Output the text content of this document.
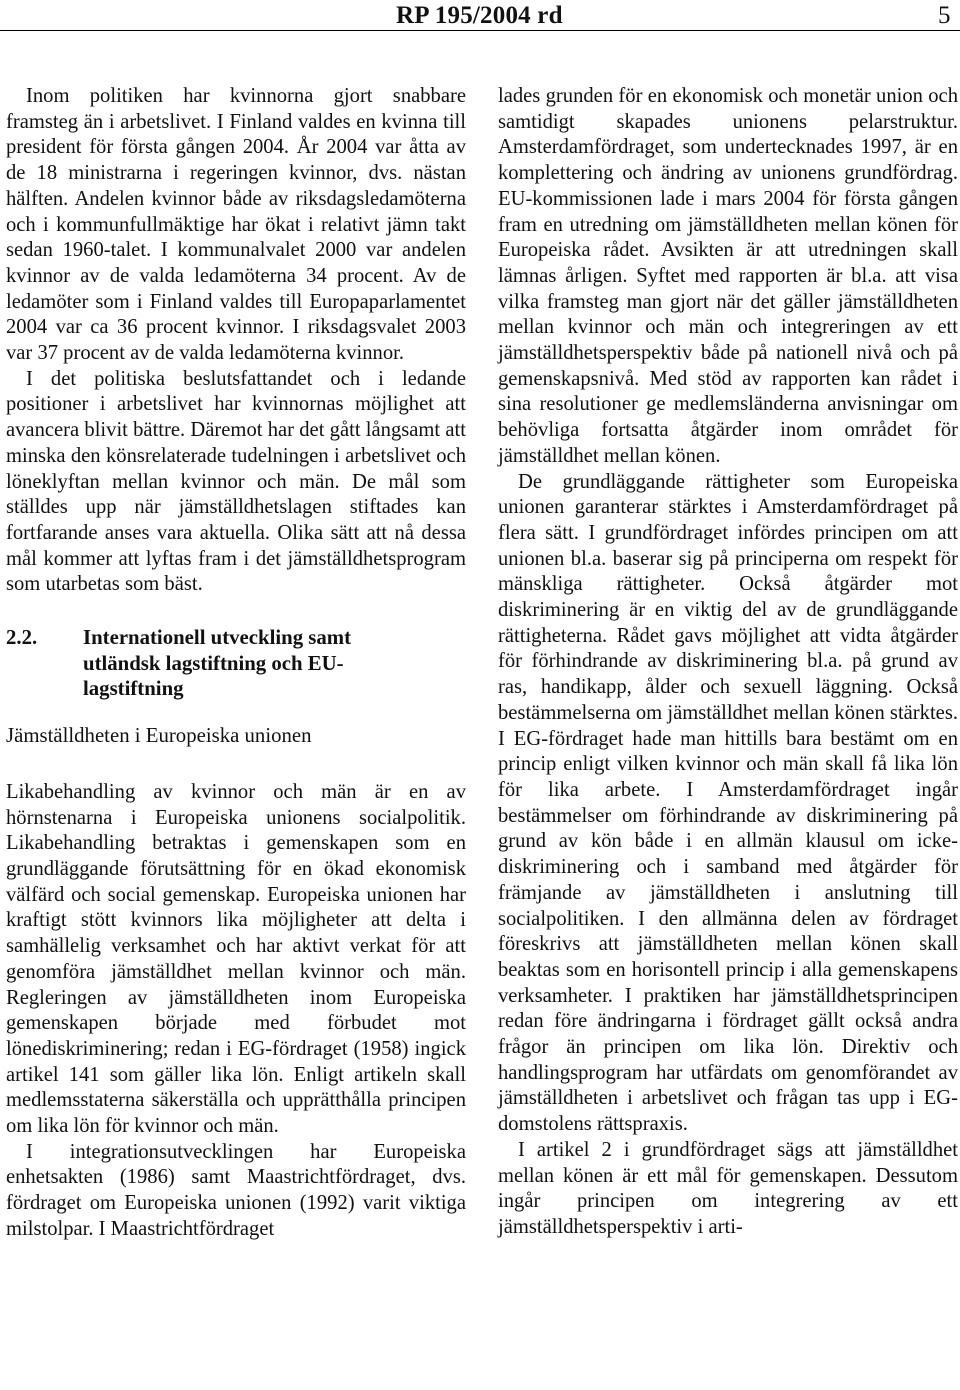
RP 195/2004 rd	5

Inom politiken har kvinnorna gjort snabbare framsteg än i arbetslivet. I Finland valdes en kvinna till president för första gången 2004. År 2004 var åtta av de 18 ministrarna i regeringen kvinnor, dvs. nästan hälften. Andelen kvinnor både av riksdagsledamöterna och i kommunfullmäktige har ökat i relativt jämn takt sedan 1960-talet. I kommunalvalet 2000 var andelen kvinnor av de valda ledamöterna 34 procent. Av de ledamöter som i Finland valdes till Europaparlamentet 2004 var ca 36 procent kvinnor. I riksdagsvalet 2003 var 37 procent av de valda ledamöterna kvinnor.

I det politiska beslutsfattandet och i ledande positioner i arbetslivet har kvinnornas möjlighet att avancera blivit bättre. Däremot har det gått långsamt att minska den könsrelaterade tudelningen i arbetslivet och löneklyftan mellan kvinnor och män. De mål som ställdes upp när jämställdhetslagen stiftades kan fortfarande anses vara aktuella. Olika sätt att nå dessa mål kommer att lyftas fram i det jämställdhetsprogram som utarbetas som bäst.

2.2.	Internationell utveckling samt utländsk lagstiftning och EU-lagstiftning
Jämställdheten i Europeiska unionen

Likabehandling av kvinnor och män är en av hörnstenarna i Europeiska unionens socialpolitik. Likabehandling betraktas i gemenskapen som en grundläggande förutsättning för en ökad ekonomisk välfärd och social gemenskap. Europeiska unionen har kraftigt stött kvinnors lika möjligheter att delta i samhällelig verksamhet och har aktivt verkat för att genomföra jämställdhet mellan kvinnor och män. Regleringen av jämställdheten inom Europeiska gemenskapen började med förbudet mot lönediskriminering; redan i EG-fördraget (1958) ingick artikel 141 som gäller lika lön. Enligt artikeln skall medlemsstaterna säkerställa och upprätthålla principen om lika lön för kvinnor och män.

I integrationsutvecklingen har Europeiska enhetsakten (1986) samt Maastrichtfördraget, dvs. fördraget om Europeiska unionen (1992) varit viktiga milstolpar. I Maastrichtfördraget

lades grunden för en ekonomisk och monetär union och samtidigt skapades unionens pelarstruktur. Amsterdamfördraget, som undertecknades 1997, är en komplettering och ändring av unionens grundfördrag. EU-kommissionen lade i mars 2004 för första gången fram en utredning om jämställdheten mellan könen för Europeiska rådet. Avsikten är att utredningen skall lämnas årligen. Syftet med rapporten är bl.a. att visa vilka framsteg man gjort när det gäller jämställdheten mellan kvinnor och män och integreringen av ett jämställdhetsperspektiv både på nationell nivå och på gemenskapsnivå. Med stöd av rapporten kan rådet i sina resolutioner ge medlemsländerna anvisningar om behövliga fortsatta åtgärder inom området för jämställdhet mellan könen.

De grundläggande rättigheter som Europeiska unionen garanterar stärktes i Amsterdamfördraget på flera sätt. I grundfördraget infördes principen om att unionen bl.a. baserar sig på principerna om respekt för mänskliga rättigheter. Också åtgärder mot diskriminering är en viktig del av de grundläggande rättigheterna. Rådet gavs möjlighet att vidta åtgärder för förhindrande av diskriminering bl.a. på grund av ras, handikapp, ålder och sexuell läggning. Också bestämmelserna om jämställdhet mellan könen stärktes. I EG-fördraget hade man hittills bara bestämt om en princip enligt vilken kvinnor och män skall få lika lön för lika arbete. I Amsterdamfördraget ingår bestämmelser om förhindrande av diskriminering på grund av kön både i en allmän klausul om icke-diskriminering och i samband med åtgärder för främjande av jämställdheten i anslutning till socialpolitiken. I den allmänna delen av fördraget föreskrivs att jämställdheten mellan könen skall beaktas som en horisontell princip i alla gemenskapens verksamheter. I praktiken har jämställdhetsprincipen redan före ändringarna i fördraget gällt också andra frågor än principen om lika lön. Direktiv och handlingsprogram har utfärdats om genomförandet av jämställdheten i arbetslivet och frågan tas upp i EG-domstolens rättspraxis.

I artikel 2 i grundfördraget sägs att jämställdhet mellan könen är ett mål för gemenskapen. Dessutom ingår principen om integrering av ett jämställdhetsperspektiv i arti-
